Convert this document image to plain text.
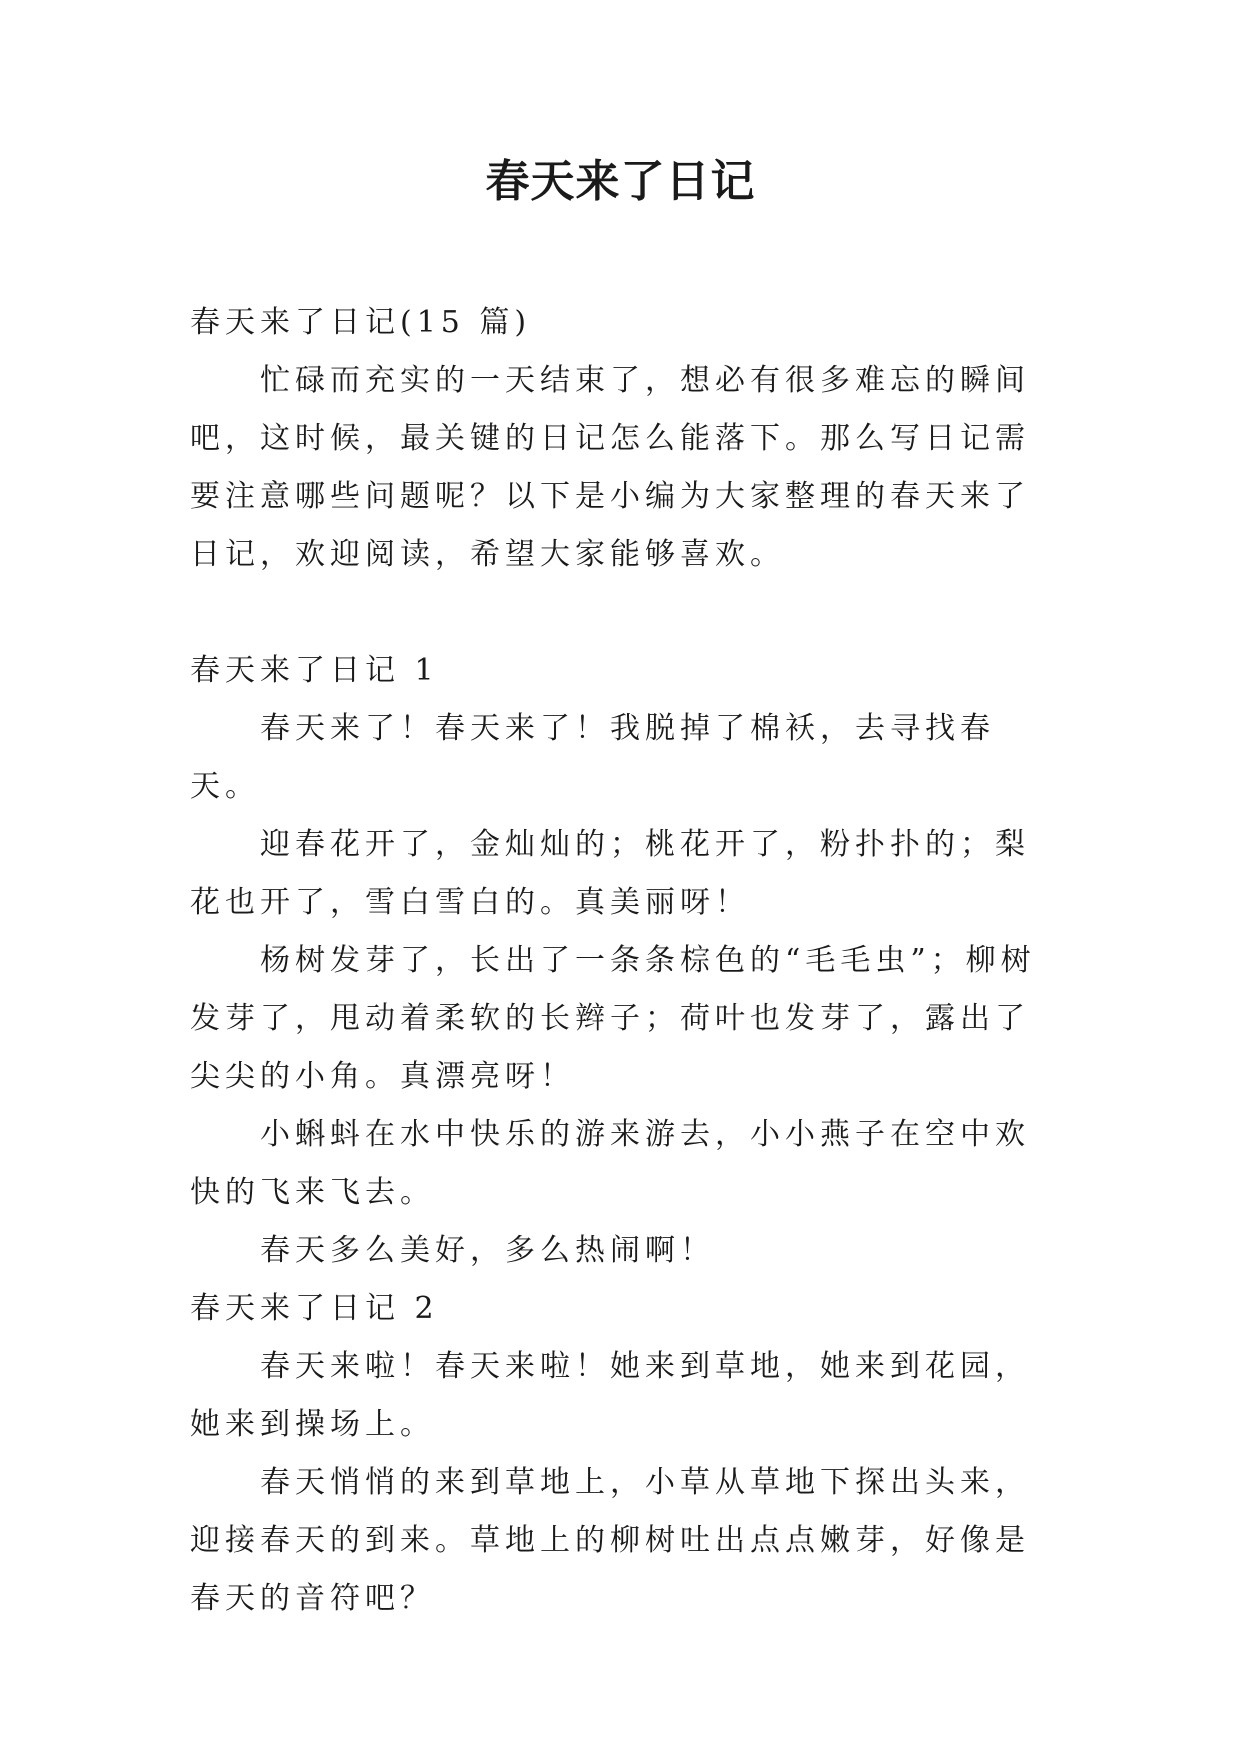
春天来了日记

春天来了日记(15 篇)

忙碌而充实的一天结束了，想必有很多难忘的瞬间吧，这时候，最关键的日记怎么能落下。那么写日记需要注意哪些问题呢？以下是小编为大家整理的春天来了日记，欢迎阅读，希望大家能够喜欢。

春天来了日记 1

春天来了！春天来了！我脱掉了棉袄，去寻找春天。

迎春花开了，金灿灿的；桃花开了，粉扑扑的；梨花也开了，雪白雪白的。真美丽呀！

杨树发芽了，长出了一条条棕色的“毛毛虫”；柳树发芽了，甩动着柔软的长辫子；荷叶也发芽了，露出了尖尖的小角。真漂亮呀！

小蝌蚪在水中快乐的游来游去，小小燕子在空中欢快的飞来飞去。

春天多么美好，多么热闹啊！

春天来了日记 2

春天来啦！春天来啦！她来到草地，她来到花园，她来到操场上。

春天悄悄的来到草地上，小草从草地下探出头来，迎接春天的到来。草地上的柳树吐出点点嫩芽，好像是春天的音符吧？
